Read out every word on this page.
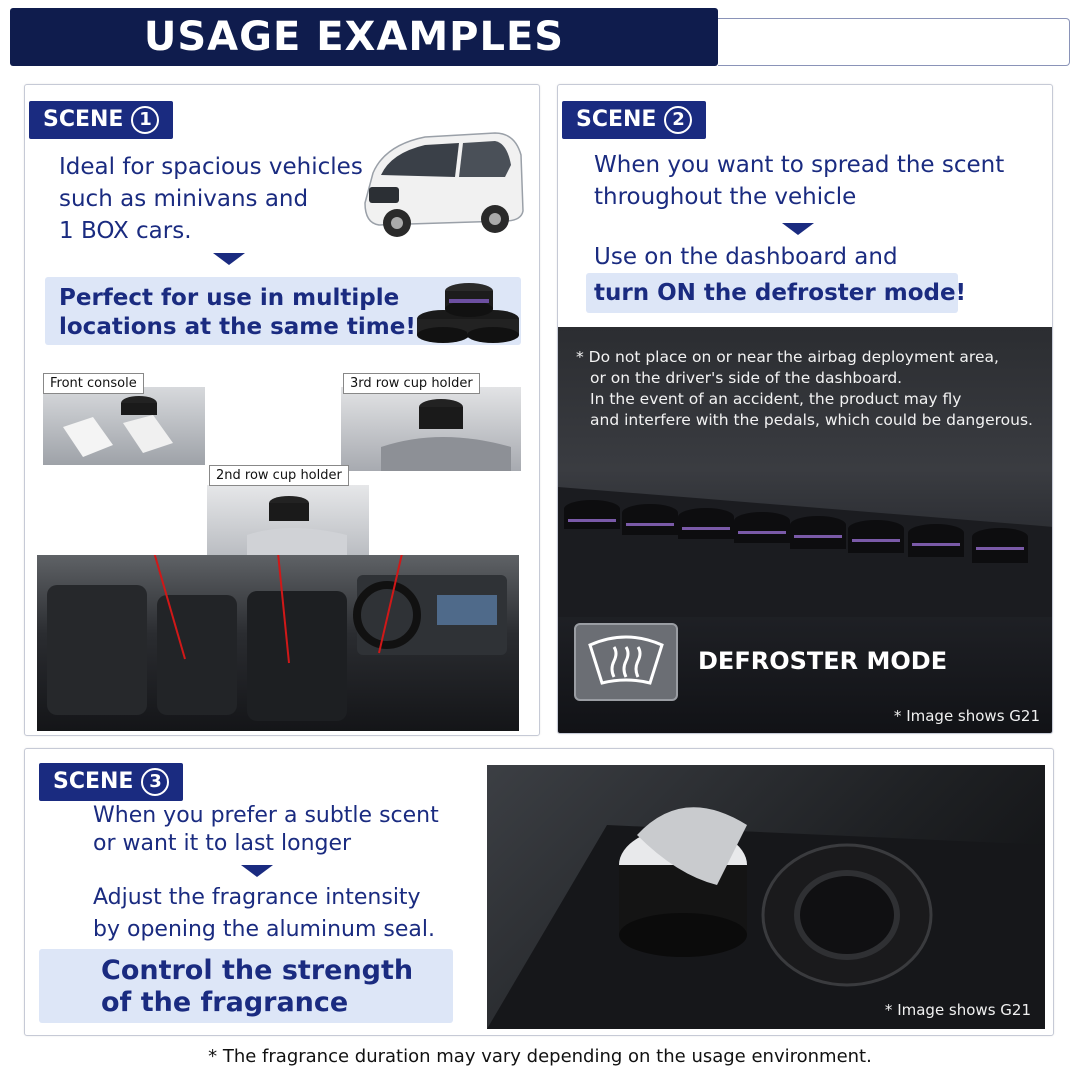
USAGE EXAMPLES
SCENE 1
Ideal for spacious vehicles
such as minivans and
1 BOX cars.
Perfect for use in multiple
locations at the same time!
Front console	3rd row cup holder
2nd row cup holder
SCENE 2
When you want to spread the scent
throughout the vehicle
Use on the dashboard and
turn ON the defroster mode!
* Do not place on or near the airbag deployment area,
or on the driver's side of the dashboard.
In the event of an accident, the product may fly
and interfere with the pedals, which could be dangerous.
DEFROSTER MODE
* Image shows G21
SCENE 3
When you prefer a subtle scent
or want it to last longer
Adjust the fragrance intensity
by opening the aluminum seal.
Control the strength
of the fragrance	* Image shows G21
* The fragrance duration may vary depending on the usage environment.
